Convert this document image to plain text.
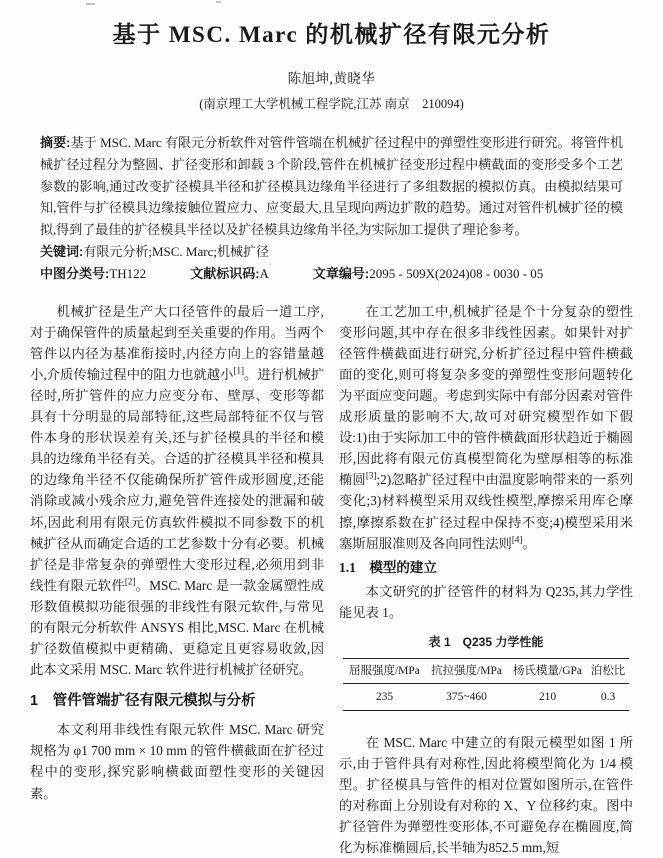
基于 MSC. Marc 的机械扩径有限元分析
陈旭坤,黄晓华
(南京理工大学机械工程学院,江苏 南京　210094)

摘要:基于 MSC. Marc 有限元分析软件对管件管端在机械扩径过程中的弹塑性变形进行研究。将管件机械扩径过程分为整圆、扩径变形和卸载 3 个阶段,管件在机械扩径变形过程中横截面的变形受多个工艺参数的影响,通过改变扩径模具半径和扩径模具边缘角半径进行了多组数据的模拟仿真。由模拟结果可知,管件与扩径模具边缘接触位置应力、应变最大,且呈现向两边扩散的趋势。通过对管件机械扩径的模拟,得到了最佳的扩径模具半径以及扩径模具边缘角半径,为实际加工提供了理论参考。

关键词:有限元分析;MSC. Marc;机械扩径

中图分类号:TH122	文献标识码:A	文章编号:2095 - 509X(2024)08 - 0030 - 05

机械扩径是生产大口径管件的最后一道工序,对于确保管件的质量起到至关重要的作用。当两个管件以内径为基准衔接时,内径方向上的容错量越小,介质传输过程中的阻力也就越小[1]。进行机械扩径时,所扩管件的应力应变分布、壁厚、变形等都具有十分明显的局部特征,这些局部特征不仅与管件本身的形状误差有关,还与扩径模具的半径和模具的边缘角半径有关。合适的扩径模具半径和模具的边缘角半径不仅能确保所扩管件成形圆度,还能消除或减小残余应力,避免管件连接处的泄漏和破坏,因此利用有限元仿真软件模拟不同参数下的机械扩径从而确定合适的工艺参数十分有必要。机械扩径是非常复杂的弹塑性大变形过程,必须用到非线性有限元软件[2]。MSC. Marc 是一款金属塑性成形数值模拟功能很强的非线性有限元软件,与常见的有限元分析软件 ANSYS 相比,MSC. Marc 在机械扩径数值模拟中更精确、更稳定且更容易收敛,因此本文采用 MSC. Marc 软件进行机械扩径研究。

1　管件管端扩径有限元模拟与分析

本文利用非线性有限元软件 MSC. Marc 研究规格为 φ1 700 mm × 10 mm 的管件横截面在扩径过程中的变形,探究影响横截面塑性变形的关键因素。

在工艺加工中,机械扩径是个十分复杂的塑性变形问题,其中存在很多非线性因素。如果针对扩径管件横截面进行研究,分析扩径过程中管件横截面的变化,则可将复杂多变的弹塑性变形问题转化为平面应变问题。考虑到实际中有部分因素对管件成形质量的影响不大,故可对研究模型作如下假设:1)由于实际加工中的管件横截面形状趋近于椭圆形,因此将有限元仿真模型简化为壁厚相等的标准椭圆[3];2)忽略扩径过程中由温度影响带来的一系列变化;3)材料模型采用双线性模型,摩擦采用库仑摩擦,摩擦系数在扩径过程中保持不变;4)模型采用米塞斯屈服准则及各向同性法则[4]。

1.1　模型的建立

本文研究的扩径管件的材料为 Q235,其力学性能见表 1。

表 1　Q235 力学性能
屈服强度/MPa	抗拉强度/MPa	杨氏模量/GPa	泊松比
235	375~460	210	0.3

在 MSC. Marc 中建立的有限元模型如图 1 所示,由于管件具有对称性,因此将模型简化为 1/4 模型。扩径模具与管件的相对位置如图所示,在管件的对称面上分别设有对称的 X、Y 位移约束。图中扩径管件为弹塑性变形体,不可避免存在椭圆度,简化为标准椭圆后,长半轴为852.5 mm,短
